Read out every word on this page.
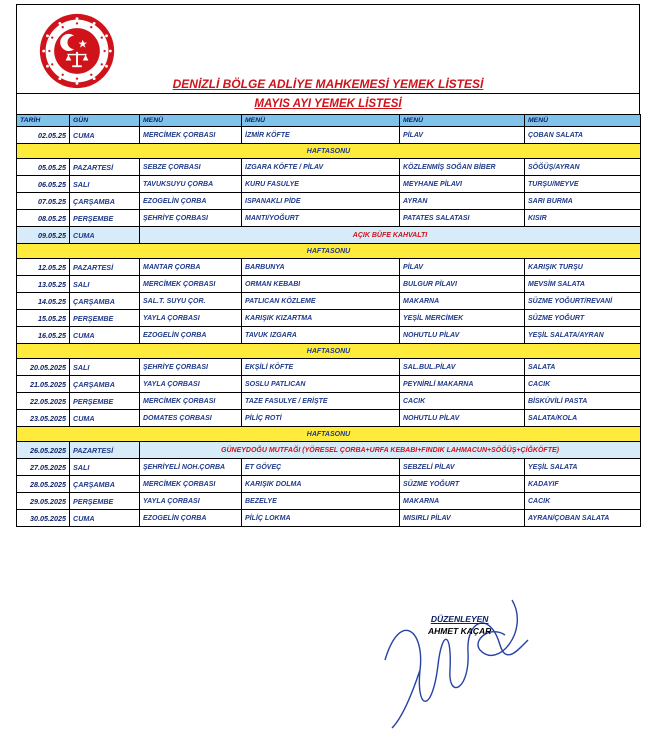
DENİZLİ BÖLGE ADLİYE MAHKEMESİ YEMEK LİSTESİ
MAYIS AYI YEMEK LİSTESİ
TARİH	GÜN	MENÜ	MENÜ	MENÜ	MENÜ
02.05.25	CUMA	MERCİMEK ÇORBASI	İZMİR KÖFTE	PİLAV	ÇOBAN SALATA
HAFTASONU					
05.05.25	PAZARTESİ	SEBZE ÇORBASI	IZGARA KÖFTE / PİLAV	KÖZLENMİŞ SOĞAN BİBER	SÖĞÜŞ/AYRAN
06.05.25	SALI	TAVUKSUYU ÇORBA	KURU FASULYE	MEYHANE PİLAVI	TURŞU/MEYVE
07.05.25	ÇARŞAMBA	EZOGELİN ÇORBA	ISPANAKLI PİDE	AYRAN	SARI BURMA
08.05.25	PERŞEMBE	ŞEHRİYE ÇORBASI	MANTI/YOĞURT	PATATES SALATASI	KISIR
09.05.25	CUMA	AÇIK BÜFE KAHVALTI			
HAFTASONU					
12.05.25	PAZARTESİ	MANTAR ÇORBA	BARBUNYA	PİLAV	KARIŞIK TURŞU
13.05.25	SALI	MERCİMEK ÇORBASI	ORMAN KEBABI	BULGUR PİLAVI	MEVSİM SALATA
14.05.25	ÇARŞAMBA	SAL.T. SUYU ÇOR.	PATLICAN KÖZLEME	MAKARNA	SÜZME YOĞURT/REVANİ
15.05.25	PERŞEMBE	YAYLA ÇORBASI	KARIŞIK KIZARTMA	YEŞİL MERCİMEK	SÜZME YOĞURT
16.05.25	CUMA	EZOGELİN ÇORBA	TAVUK IZGARA	NOHUTLU PİLAV	YEŞİL SALATA/AYRAN
HAFTASONU					
20.05.2025	SALI	ŞEHRİYE ÇORBASI	EKŞİLİ KÖFTE	SAL.BUL.PİLAV	SALATA
21.05.2025	ÇARŞAMBA	YAYLA ÇORBASI	SOSLU PATLICAN	PEYNİRLİ MAKARNA	CACIK
22.05.2025	PERŞEMBE	MERCİMEK ÇORBASI	TAZE FASULYE / ERİŞTE	CACIK	BİSKÜVİLİ PASTA
23.05.2025	CUMA	DOMATES ÇORBASI	PİLİÇ ROTİ	NOHUTLU PİLAV	SALATA/KOLA
HAFTASONU					
26.05.2025	PAZARTESİ	GÜNEYDOĞU MUTFAĞI (YÖRESEL ÇORBA+URFA KEBABI+FINDIK LAHMACUN+SÖĞÜŞ+ÇİĞKÖFTE)			
27.05.2025	SALI	ŞEHRİYELİ NOH.ÇORBA	ET GÖVEÇ	SEBZELİ PİLAV	YEŞİL SALATA
28.05.2025	ÇARŞAMBA	MERCİMEK ÇORBASI	KARIŞIK DOLMA	SÜZME YOĞURT	KADAYIF
29.05.2025	PERŞEMBE	YAYLA ÇORBASI	BEZELYE	MAKARNA	CACIK
30.05.2025	CUMA	EZOGELİN ÇORBA	PİLİÇ LOKMA	MISIRLI PİLAV	AYRAN/ÇOBAN SALATA
DÜZENLEYEN
AHMET KAÇAR
